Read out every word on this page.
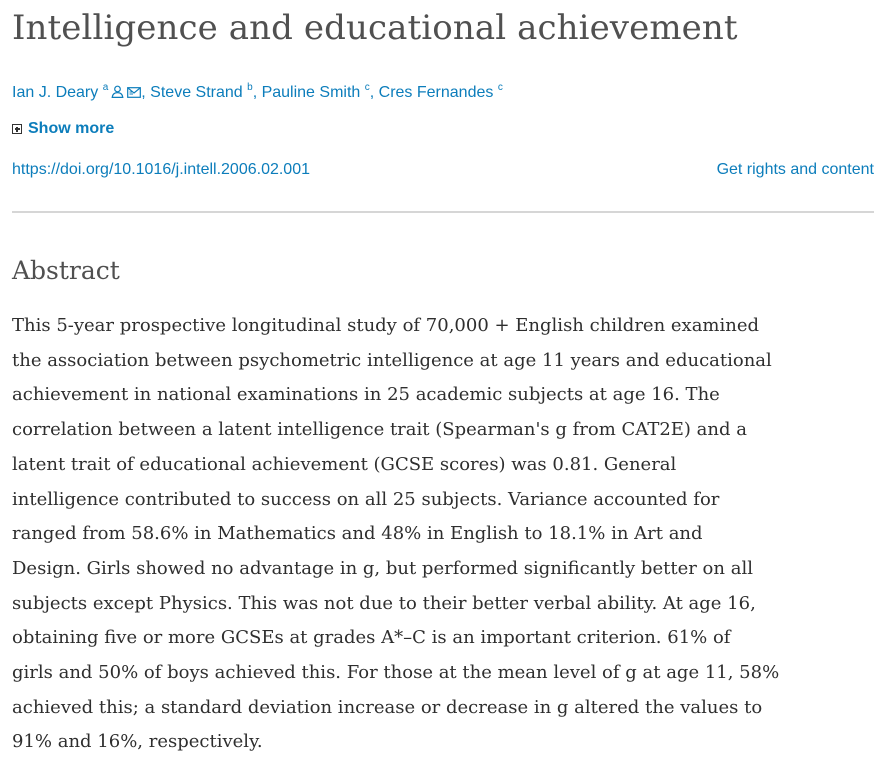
Intelligence and educational achievement
Ian J. Deary $^a$ , Steve Strand $^b$, Pauline Smith $^c$, Cres Fernandes $^c$
Show more
https://doi.org/10.1016/j.intell.2006.02.001	Get rights and content
Abstract
This 5-year prospective longitudinal study of 70,000 + English children examined
the association between psychometric intelligence at age 11 years and educational
achievement in national examinations in 25 academic subjects at age 16. The
correlation between a latent intelligence trait (Spearman's g from CAT2E) and a
latent trait of educational achievement (GCSE scores) was 0.81. General
intelligence contributed to success on all 25 subjects. Variance accounted for
ranged from 58.6% in Mathematics and 48% in English to 18.1% in Art and
Design. Girls showed no advantage in g, but performed significantly better on all
subjects except Physics. This was not due to their better verbal ability. At age 16,
obtaining five or more GCSEs at grades A*–C is an important criterion. 61% of
girls and 50% of boys achieved this. For those at the mean level of g at age 11, 58%
achieved this; a standard deviation increase or decrease in g altered the values to
91% and 16%, respectively.
